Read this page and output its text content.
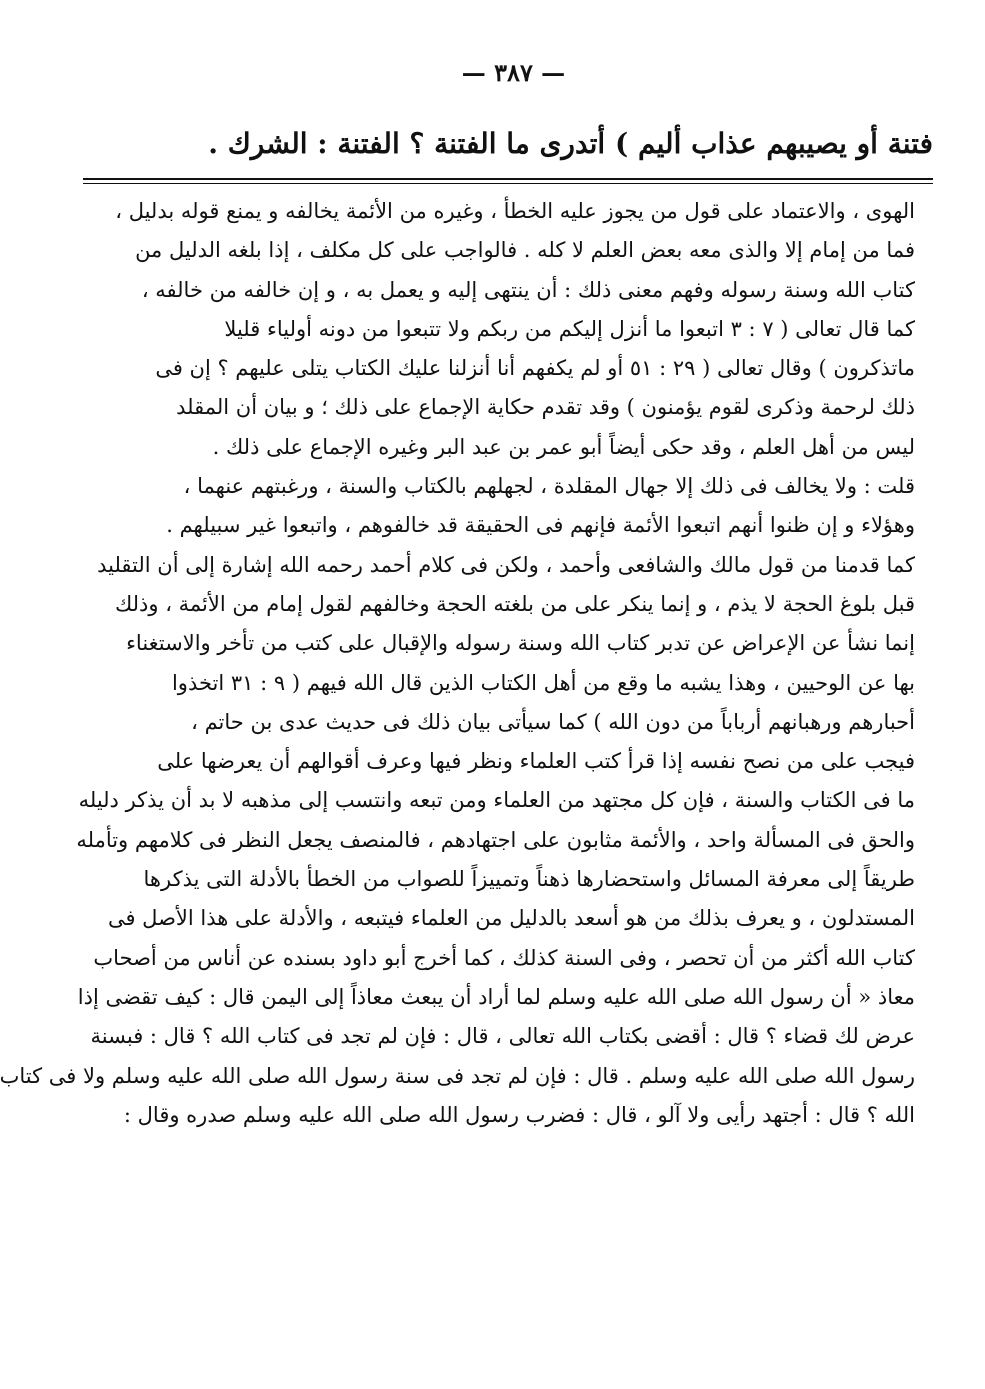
— ٣٨٧ —
فتنة أو يصيبهم عذاب أليم ) أتدرى ما الفتنة ؟ الفتنة : الشرك .
الهوى ، والاعتماد على قول من يجوز عليه الخطأ ، وغيره من الأئمة يخالفه و يمنع قوله بدليل ،
فما من إمام إلا والذى معه بعض العلم لا كله . فالواجب على كل مكلف ، إذا بلغه الدليل من
كتاب الله وسنة رسوله وفهم معنى ذلك : أن ينتهى إليه و يعمل به ، و إن خالفه من خالفه ،
كما قال تعالى ( ٧ : ٣ اتبعوا ما أنزل إليكم من ربكم ولا تتبعوا من دونه أولياء قليلا
ماتذكرون ) وقال تعالى ( ٢٩ : ٥١ أو لم يكفهم أنا أنزلنا عليك الكتاب يتلى عليهم ؟ إن فى
ذلك لرحمة وذكرى لقوم يؤمنون ) وقد تقدم حكاية الإجماع على ذلك ؛ و بيان أن المقلد
ليس من أهل العلم ، وقد حكى أيضاً أبو عمر بن عبد البر وغيره الإجماع على ذلك .
قلت : ولا يخالف فى ذلك إلا جهال المقلدة ، لجهلهم بالكتاب والسنة ، ورغبتهم عنهما ،
وهؤلاء و إن ظنوا أنهم اتبعوا الأئمة فإنهم فى الحقيقة قد خالفوهم ، واتبعوا غير سبيلهم .
كما قدمنا من قول مالك والشافعى وأحمد ، ولكن فى كلام أحمد رحمه الله إشارة إلى أن التقليد
قبل بلوغ الحجة لا يذم ، و إنما ينكر على من بلغته الحجة وخالفهم لقول إمام من الأئمة ، وذلك
إنما نشأ عن الإعراض عن تدبر كتاب الله وسنة رسوله والإقبال على كتب من تأخر والاستغناء
بها عن الوحيين ، وهذا يشبه ما وقع من أهل الكتاب الذين قال الله فيهم ( ٩ : ٣١ اتخذوا
أحبارهم ورهبانهم أرباباً من دون الله ) كما سيأتى بيان ذلك فى حديث عدى بن حاتم ،
فيجب على من نصح نفسه إذا قرأ كتب العلماء ونظر فيها وعرف أقوالهم أن يعرضها على
ما فى الكتاب والسنة ، فإن كل مجتهد من العلماء ومن تبعه وانتسب إلى مذهبه لا بد أن يذكر دليله
والحق فى المسألة واحد ، والأئمة مثابون على اجتهادهم ، فالمنصف يجعل النظر فى كلامهم وتأمله
طريقاً إلى معرفة المسائل واستحضارها ذهناً وتمييزاً للصواب من الخطأ بالأدلة التى يذكرها
المستدلون ، و يعرف بذلك من هو أسعد بالدليل من العلماء فيتبعه ، والأدلة على هذا الأصل فى
كتاب الله أكثر من أن تحصر ، وفى السنة كذلك ، كما أخرج أبو داود بسنده عن أناس من أصحاب
معاذ « أن رسول الله صلى الله عليه وسلم لما أراد أن يبعث معاذاً إلى اليمن قال : كيف تقضى إذا
عرض لك قضاء ؟ قال : أقضى بكتاب الله تعالى ، قال : فإن لم تجد فى كتاب الله ؟ قال : فبسنة
رسول الله صلى الله عليه وسلم . قال : فإن لم تجد فى سنة رسول الله صلى الله عليه وسلم ولا فى كتاب
الله ؟ قال : أجتهد رأيى ولا آلو ، قال : فضرب رسول الله صلى الله عليه وسلم صدره وقال :
